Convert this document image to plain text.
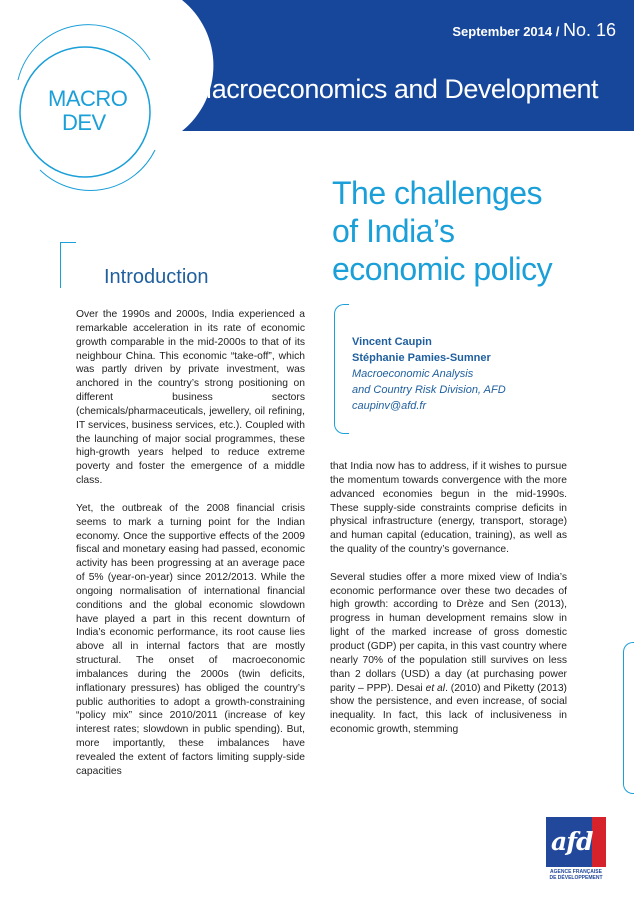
September 2014 / No. 16
Macroeconomics and Development
MACRO
DEV
The challenges
of India’s
economic policy
Introduction

Over the 1990s and 2000s, India experienced a remarkable acceleration in its rate of economic growth comparable in the mid-2000s to that of its neighbour China. This economic “take-off”, which was partly driven by private investment, was anchored in the country’s strong positioning on different business sectors (chemicals/pharmaceuticals, jewellery, oil refining, IT services, business services, etc.). Coupled with the launching of major social programmes, these high-growth years helped to reduce extreme poverty and foster the emergence of a middle class.

Yet, the outbreak of the 2008 financial crisis seems to mark a turning point for the Indian economy. Once the supportive effects of the 2009 fiscal and monetary easing had passed, economic activity has been progressing at an average pace of 5% (year-on-year) since 2012/2013. While the ongoing normalisation of international financial conditions and the global economic slowdown have played a part in this recent downturn of India’s economic performance, its root cause lies above all in internal factors that are mostly structural. The onset of macroeconomic imbalances during the 2000s (twin deficits, inflationary pressures) has obliged the country’s public authorities to adopt a growth-constraining “policy mix” since 2010/2011 (increase of key interest rates; slowdown in public spending). But, more importantly, these imbalances have revealed the extent of factors limiting supply-side capacities

Vincent Caupin
Stéphanie Pamies-Sumner
Macroeconomic Analysis
and Country Risk Division, AFD
caupinv@afd.fr

that India now has to address, if it wishes to pursue the momentum towards convergence with the more advanced economies begun in the mid-1990s. These supply-side constraints comprise deficits in physical infrastructure (energy, transport, storage) and human capital (education, training), as well as the quality of the country’s governance.

Several studies offer a more mixed view of India’s economic performance over these two decades of high growth: according to Drèze and Sen (2013), progress in human development remains slow in light of the marked increase of gross domestic product (GDP) per capita, in this vast country where nearly 70% of the population still survives on less than 2 dollars (USD) a day (at purchasing power parity – PPP). Desai et al. (2010) and Piketty (2013) show the persistence, and even increase, of social inequality. In fact, this lack of inclusiveness in economic growth, stemming

afd
AGENCE FRANÇAISE
DE DÉVELOPPEMENT
